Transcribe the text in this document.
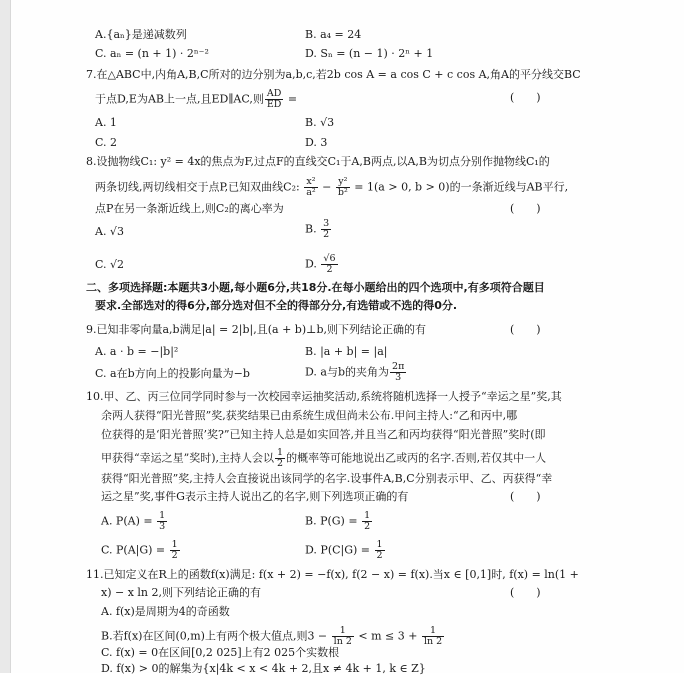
A.{aₙ}是递减数列	B. a₄ = 24
C. aₙ = (n + 1) · 2ⁿ⁻²	D. Sₙ = (n − 1) · 2ⁿ + 1
7.在△ABC中,内角A,B,C所对的边分别为a,b,c,若2b cos A = a cos C + c cos A,角A的平分线交BC
于点D,E为AB上一点,且ED∥AC,则 $\frac{AD}{ED}$ =	(　　)
A. 1	B. √3
C. 2	D. 3
8.设抛物线C₁: y² = 4x的焦点为F,过点F的直线交C₁于A,B两点,以A,B为切点分别作抛物线C₁的
两条切线,两切线相交于点P,已知双曲线C₂: $\frac{\text{x²}}{\text{a²}} - \frac{\text{y²}}{\text{b²}} = 1(a > 0$, b > 0)的一条渐近线与AB平行,
点P在另一条渐近线上,则C₂的离心率为	(　　)
A. √3	B. $\frac{3}{2}$
C. √2	D. $\frac{√6}{2}$
二、多项选择题:本题共3小题,每小题6分,共18分.在每小题给出的四个选项中,有多项符合题目
要求.全部选对的得6分,部分选对但不全的得部分分,有选错或不选的得0分.
9.已知非零向量a,b满足|a| = 2|b|,且(a + b)⊥b,则下列结论正确的有	(　　)
A. a · b = −|b|²	B. |a + b| = |a|
C. a在b方向上的投影向量为−b	D. a与b的夹角为 $\frac{2\pi}{3}$
10.甲、乙、丙三位同学同时参与一次校园幸运抽奖活动,系统将随机选择一人授予“幸运之星”奖,其
余两人获得“阳光普照”奖,获奖结果已由系统生成但尚未公布.甲问主持人:“乙和丙中,哪
位获得的是‘阳光普照’奖?”已知主持人总是如实回答,并且当乙和丙均获得“阳光普照”奖时(即
甲获得“幸运之星”奖时),主持人会以 $\frac{1}{2}$ 的概率等可能地说出乙或丙的名字.否则,若仅其中一人
获得“阳光普照”奖,主持人会直接说出该同学的名字.设事件A,B,C分别表示甲、乙、丙获得“幸
运之星”奖,事件G表示主持人说出乙的名字,则下列选项正确的有	(　　)
A. $P(A) = \frac{1}{3}$	B. $P(G) = \frac{1}{2}$
C. $P(A|G) = \frac{1}{2}$	D. $P(C|G) = \frac{1}{2}$
11.已知定义在R上的函数f(x)满足: f(x + 2) = −f(x), f(2 − x) = f(x).当x ∈ [0,1]时, f(x) = ln(1 +
x) − x ln 2,则下列结论正确的有	(　　)
A. f(x)是周期为4的奇函数
B.若f(x)在区间(0,m)上有两个极大值点,则$3 - \frac{1}{\ln 2} < m \le 3 + \frac{1}{\ln 2}$
C. f(x) = 0在区间[0,2 025]上有2 025个实数根
D. f(x) > 0的解集为{x|4k < x < 4k + 2,且x ≠ 4k + 1, k ∈ Z}
